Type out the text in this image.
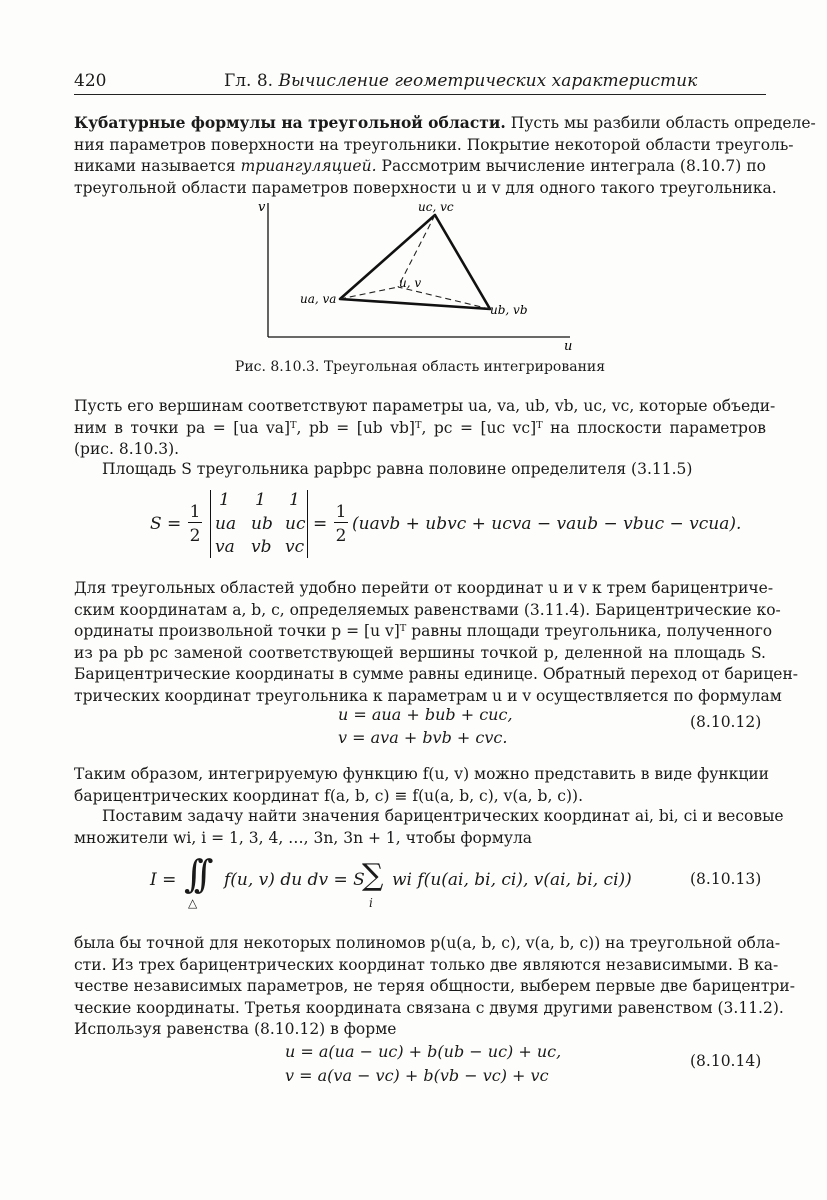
420	Гл. 8. Вычисление геометрических характеристик
Кубатурные формулы на треугольной области. Пусть мы разбили область определе-
ния параметров поверхности на треугольники. Покрытие некоторой области треуголь-
никами называется триангуляцией. Рассмотрим вычисление интеграла (8.10.7) по
треугольной области параметров поверхности u и v для одного такого треугольника.
v
u
uc, vc
ua, va
ub, vb
u, v
Рис. 8.10.3. Треугольная область интегрирования
Пусть его вершинам соответствуют параметры ua, va, ub, vb, uc, vc, которые объеди-
ним в точки pa = [ua va]ᵀ, pb = [ub vb]ᵀ, pc = [uc vc]ᵀ на плоскости параметров
(рис. 8.10.3).
Площадь S треугольника papbpc равна половине определителя (3.11.5)
S =
1
2
1 1 1
ua ub uc
va vb vc
=
1
2
(uavb + ubvc + ucva − vaub − vbuc − vcua).
Для треугольных областей удобно перейти от координат u и v к трем барицентриче-
ским координатам a, b, c, определяемых равенствами (3.11.4). Барицентрические ко-
ординаты произвольной точки p = [u v]ᵀ равны площади треугольника, полученного
из pa pb pc заменой соответствующей вершины точкой p, деленной на площадь S.
Барицентрические координаты в сумме равны единице. Обратный переход от барицен-
трических координат треугольника к параметрам u и v осуществляется по формулам
u = aua + bub + cuc,
v = ava + bvb + cvc.
(8.10.12)
Таким образом, интегрируемую функцию f(u, v) можно представить в виде функции
барицентрических координат f(a, b, c) ≡ f(u(a, b, c), v(a, b, c)).
Поставим задачу найти значения барицентрических координат ai, bi, ci и весовые
множители wi, i = 1, 3, 4, …, 3n, 3n + 1, чтобы формула
I = ∫∫
△
f(u, v) du dv = S
∑
i
wi f(u(ai, bi, ci), v(ai, bi, ci))	(8.10.13)
была бы точной для некоторых полиномов p(u(a, b, c), v(a, b, c)) на треугольной обла-
сти. Из трех барицентрических координат только две являются независимыми. В ка-
честве независимых параметров, не теряя общности, выберем первые две барицентри-
ческие координаты. Третья координата связана с двумя другими равенством (3.11.2).
Используя равенства (8.10.12) в форме
u = a(ua − uc) + b(ub − uc) + uc,
v = a(va − vc) + b(vb − vc) + vc
(8.10.14)
